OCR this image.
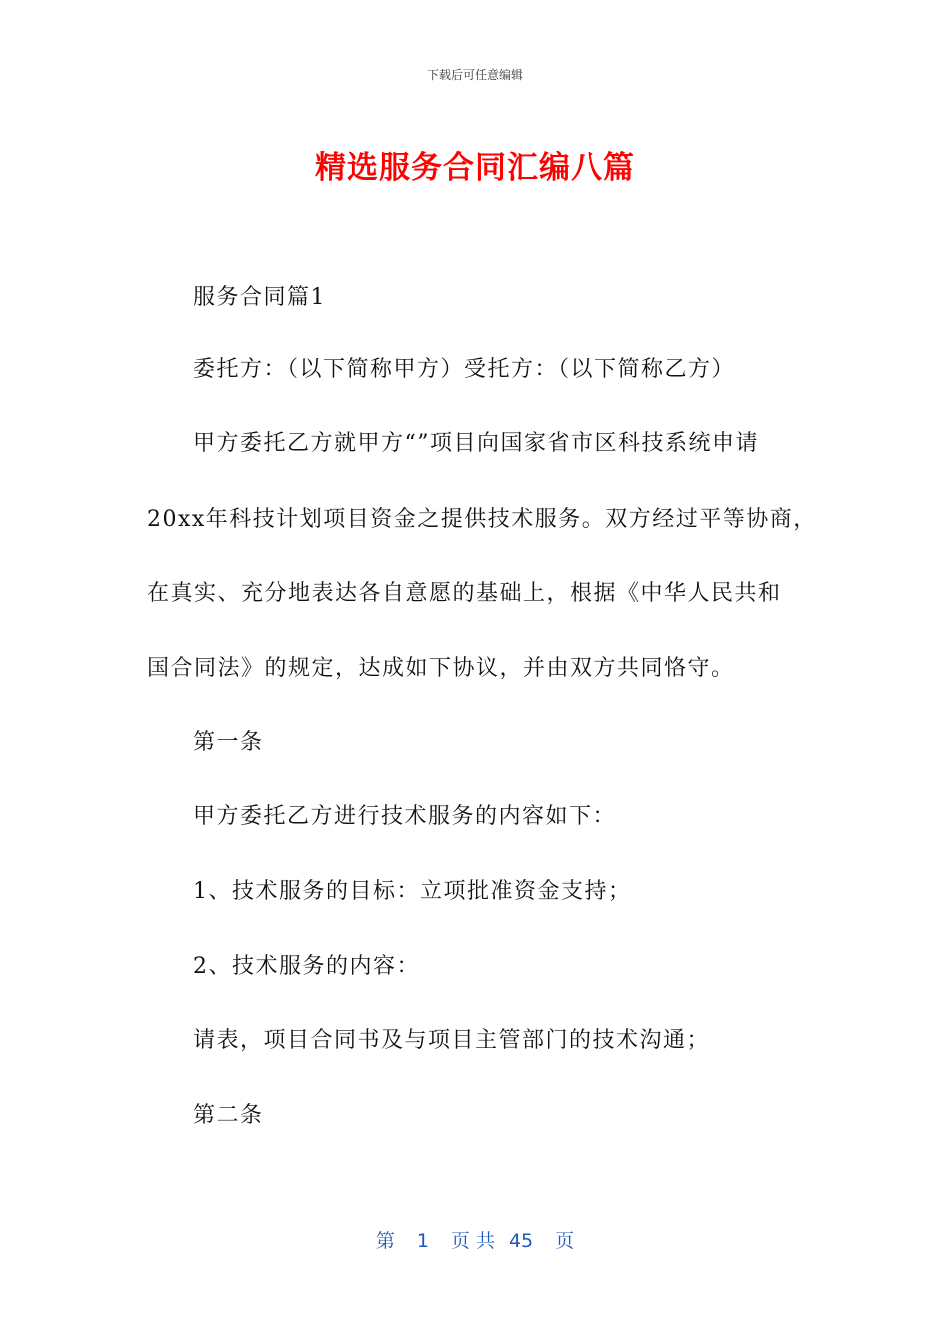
下载后可任意编辑
精选服务合同汇编八篇
服务合同篇1
委托方：（以下简称甲方）受托方：（以下简称乙方）
甲方委托乙方就甲方“”项目向国家省市区科技系统申请
20xx年科技计划项目资金之提供技术服务。双方经过平等协商，
在真实、充分地表达各自意愿的基础上，根据《中华人民共和
国合同法》的规定，达成如下协议，并由双方共同恪守。
第一条
甲方委托乙方进行技术服务的内容如下：
1、技术服务的目标：立项批准资金支持；
2、技术服务的内容：
请表，项目合同书及与项目主管部门的技术沟通；
第二条
第 1 页 共 45 页
